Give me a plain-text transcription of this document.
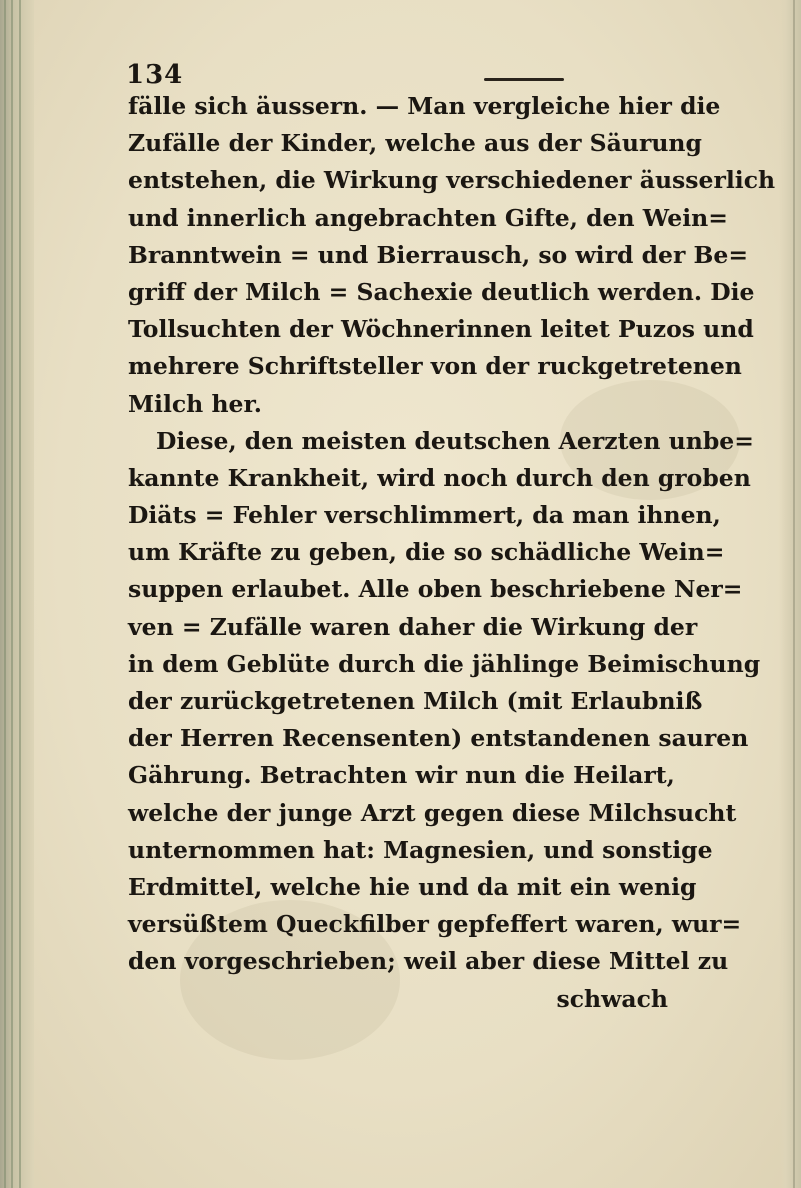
134
fälle sich äussern. — Man vergleiche hier die
Zufälle der Kinder, welche aus der Säurung
entstehen, die Wirkung verschiedener äusserlich
und innerlich angebrachten Gifte, den Wein=
Branntwein = und Bierrausch, so wird der Be=
griff der Milch = Sachexie deutlich werden. Die
Tollsuchten der Wöchnerinnen leitet Puzos und
mehrere Schriftsteller von der ruckgetretenen
Milch her.
Diese, den meisten deutschen Aerzten unbe=
kannte Krankheit, wird noch durch den groben
Diäts = Fehler verschlimmert, da man ihnen,
um Kräfte zu geben, die so schädliche Wein=
suppen erlaubet. Alle oben beschriebene Ner=
ven = Zufälle waren daher die Wirkung der
in dem Geblüte durch die jählinge Beimischung
der zurückgetretenen Milch (mit Erlaubniß
der Herren Recensenten) entstandenen sauren
Gährung. Betrachten wir nun die Heilart,
welche der junge Arzt gegen diese Milchsucht
unternommen hat: Magnesien, und sonstige
Erdmittel, welche hie und da mit ein wenig
versüßtem Queckfilber gepfeffert waren, wur=
den vorgeschrieben; weil aber diese Mittel zu
schwach
